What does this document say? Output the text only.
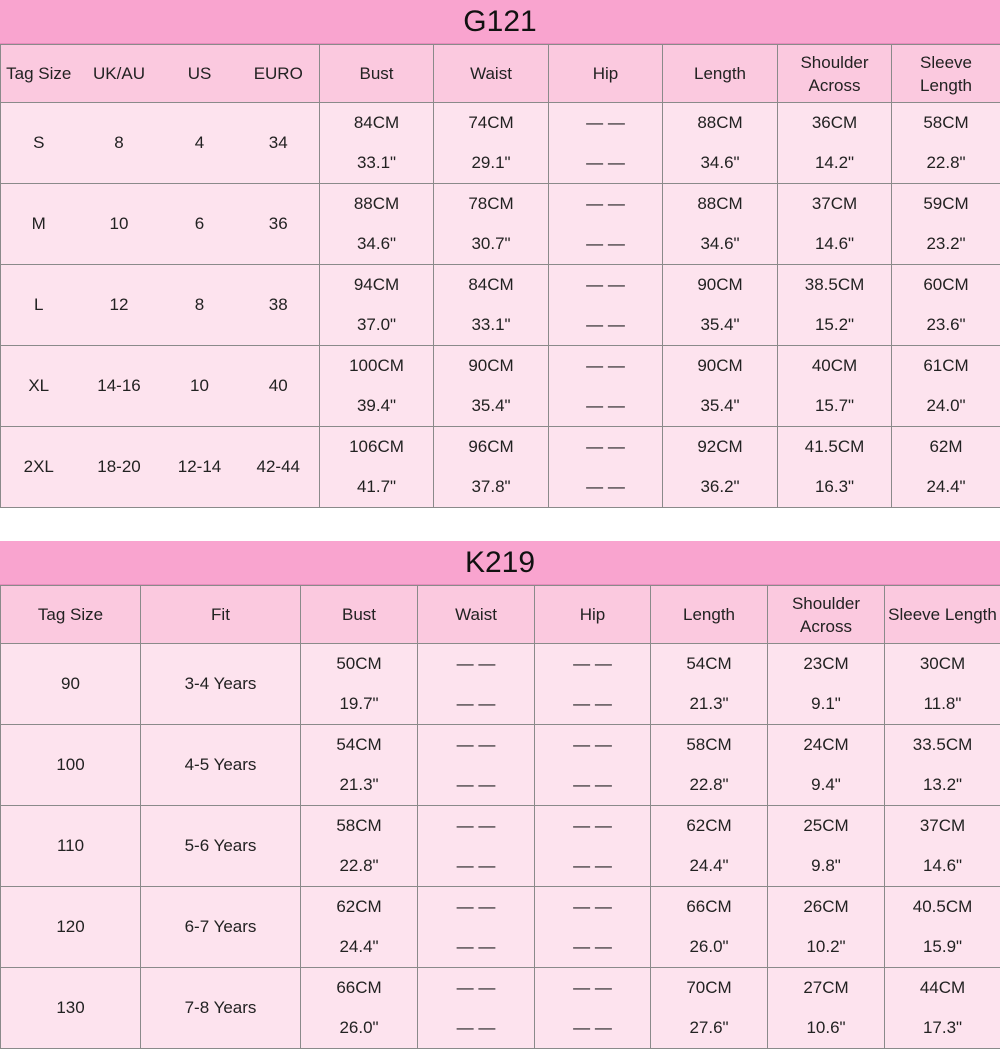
G121
Tag Size	UK/AU	US	EURO	Bust	Waist	Hip	Length	Shoulder Across	Sleeve Length
S	8	4	34	84CM	74CM	— —	88CM	36CM	58CM
				33.1"	29.1"	— —	34.6"	14.2"	22.8"
M	10	6	36	88CM	78CM	— —	88CM	37CM	59CM
				34.6"	30.7"	— —	34.6"	14.6"	23.2"
L	12	8	38	94CM	84CM	— —	90CM	38.5CM	60CM
				37.0"	33.1"	— —	35.4"	15.2"	23.6"
XL	14-16	10	40	100CM	90CM	— —	90CM	40CM	61CM
				39.4"	35.4"	— —	35.4"	15.7"	24.0"
2XL	18-20	12-14	42-44	106CM	96CM	— —	92CM	41.5CM	62M
				41.7"	37.8"	— —	36.2"	16.3"	24.4"
K219
Tag Size	Fit	Bust	Waist	Hip	Length	Shoulder Across	Sleeve Length
90	3-4 Years	50CM	— —	— —	54CM	23CM	30CM
		19.7"	— —	— —	21.3"	9.1"	11.8"
100	4-5 Years	54CM	— —	— —	58CM	24CM	33.5CM
		21.3"	— —	— —	22.8"	9.4"	13.2"
110	5-6 Years	58CM	— —	— —	62CM	25CM	37CM
		22.8"	— —	— —	24.4"	9.8"	14.6"
120	6-7 Years	62CM	— —	— —	66CM	26CM	40.5CM
		24.4"	— —	— —	26.0"	10.2"	15.9"
130	7-8 Years	66CM	— —	— —	70CM	27CM	44CM
		26.0"	— —	— —	27.6"	10.6"	17.3"
